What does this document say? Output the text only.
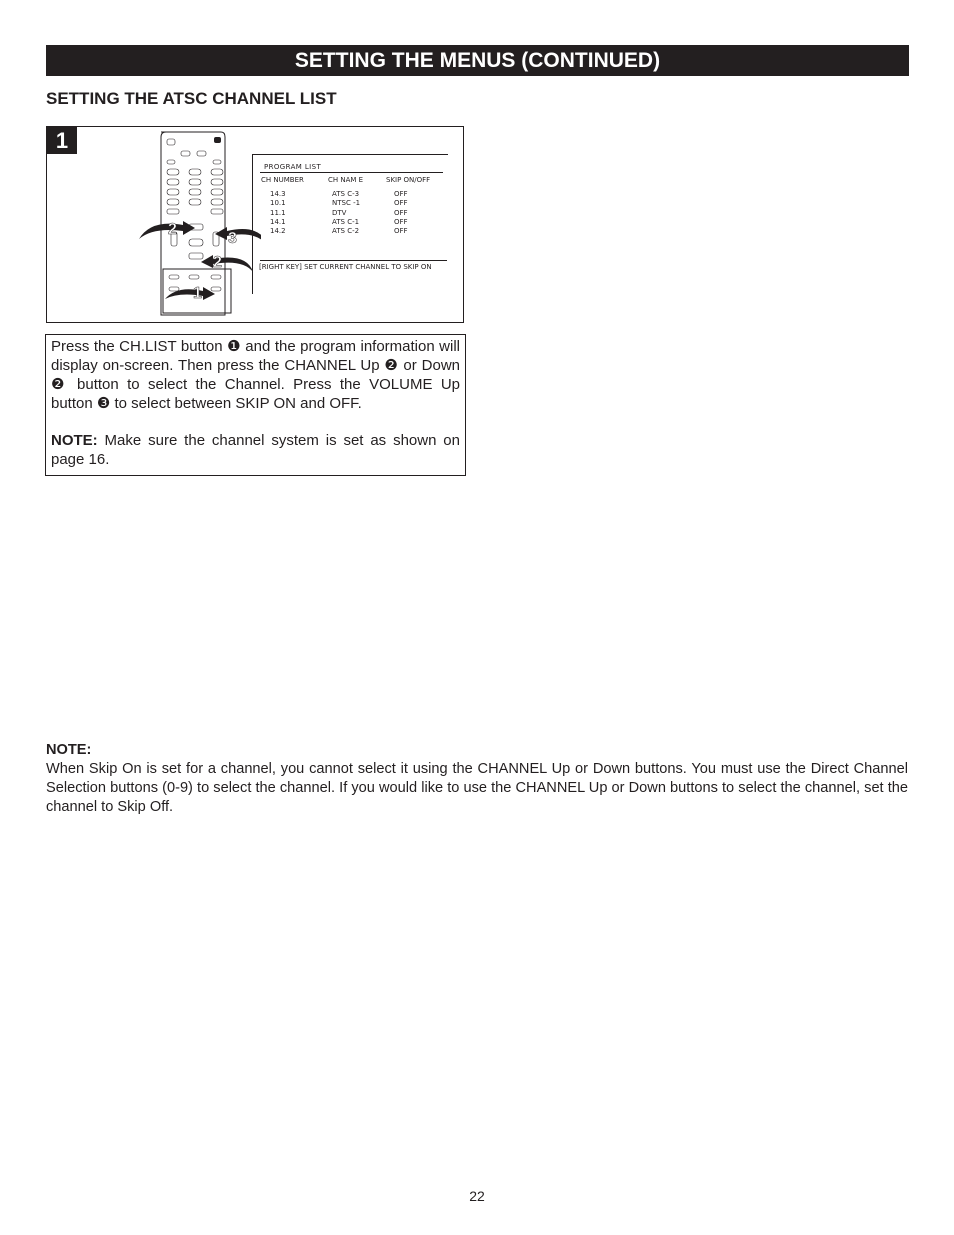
SETTING THE MENUS (CONTINUED)
SETTING THE ATSC CHANNEL LIST
1
2
3
2
1
PROGRAM LIST
CH NUMBER	CH NAM E	SKIP ON/OFF
14.3	ATS C-3	OFF
10.1	NTSC -1	OFF
11.1	DTV	OFF
14.1	ATS C-1	OFF
14.2	ATS C-2	OFF
[RIGHT KEY] SET CURRENT CHANNEL TO SKIP ON

Press the CH.LIST button ❶ and the program information will display on-screen. Then press the CHANNEL Up ❷ or Down ❷ button to select the Channel. Press the VOLUME Up button ❸ to select between SKIP ON and OFF.

NOTE: Make sure the channel system is set as shown on page 16.

NOTE:
When Skip On is set for a channel, you cannot select it using the CHANNEL Up or Down buttons. You must use the Direct Channel Selection buttons (0-9) to select the channel. If you would like to use the CHANNEL Up or Down buttons to select the channel, set the channel to Skip Off.
22
